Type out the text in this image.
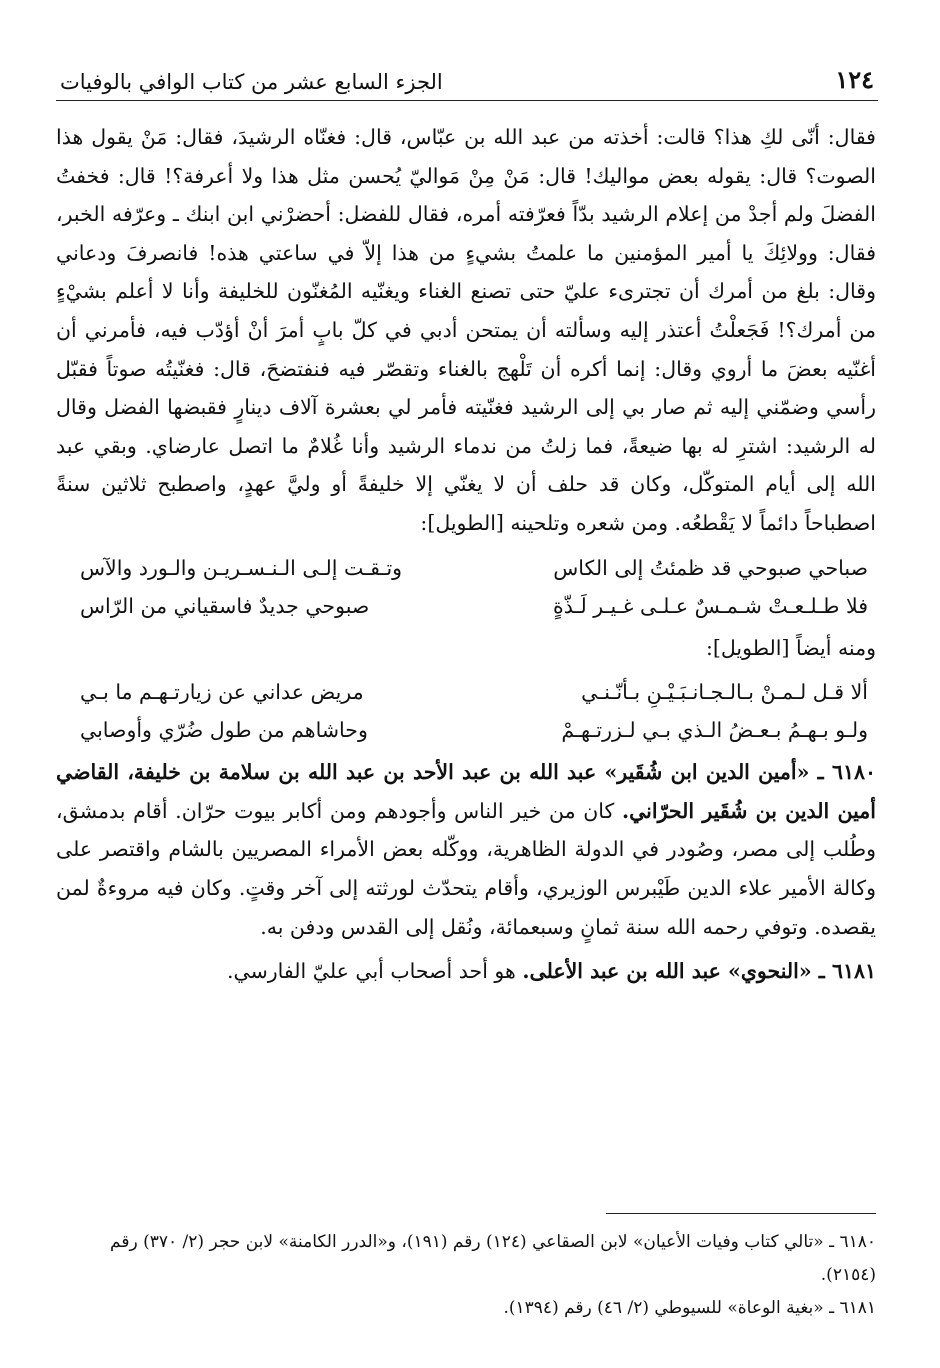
١٢٤
الجزء السابع عشر من كتاب الوافي بالوفيات

فقال: أنّى لكِ هذا؟ قالت: أخذته من عبد الله بن عبّاس، قال: فغنّاه الرشيدَ، فقال: مَنْ يقول هذا الصوت؟ قال: يقوله بعض مواليك! قال: مَنْ مِنْ مَواليّ يُحسن مثل هذا ولا أعرفة؟! قال: فخفتُ الفضلَ ولم أجدْ من إعلام الرشيد بدّاً فعرّفته أمره، فقال للفضل: أحضرْني ابن ابنك ـ وعرّفه الخبر، فقال: وولائِكَ يا أمير المؤمنين ما علمتُ بشيءٍ من هذا إلاّ في ساعتي هذه! فانصرفَ ودعاني وقال: بلغ من أمرك أن تجترىء عليّ حتى تصنع الغناء ويغنّيه المُغنّون للخليفة وأنا لا أعلم بشيْءٍ من أمرك؟! فَجَعلْتُ أعتذر إليه وسألته أن يمتحن أدبي في كلّ بابٍ أمرَ أنْ أؤدّب فيه، فأمرني أن أغنّيه بعضَ ما أروي وقال: إنما أكره أن تَلْهج بالغناء وتقصّر فيه فنفتضحَ، قال: فغنّيتُه صوتاً فقبّل رأسي وضمّني إليه ثم صار بي إلى الرشيد فغنّيته فأمر لي بعشرة آلاف دينارٍ فقبضها الفضل وقال له الرشيد: اشترِ له بها ضيعةً، فما زلتُ من ندماء الرشيد وأنا غُلامٌ ما اتصل عارضاي. وبقي عبد الله إلى أيام المتوكّل، وكان قد حلف أن لا يغنّي إلا خليفةً أو وليَّ عهدٍ، واصطبح ثلاثين سنةً اصطباحاً دائماً لا يَقْطعُه. ومن شعره وتلحينه [الطويل]:

صباحي صبوحي قد ظمئتُ إلى الكاس
وتـقـت إلـى الـنـسـريـن والـورد والآس
فلا طـلـعـتْ شـمـسٌ عـلـى غـيـر لَـذّةٍ
صبوحي جديدٌ فاسقياني من الرّاس

ومنه أيضاً [الطويل]:

ألا قـل لـمـنْ بـالـجـانـبَـيْـنِ بـأنّـنـي
مريض عداني عن زيارتـهـم ما بـي
ولـو بـهـمُ بـعـضُ الـذي بـي لـزرتـهـمْ
وحاشاهم من طول ضُرّي وأوصابي

٦١٨٠ ـ «أمين الدين ابن شُقَير» عبد الله بن عبد الأحد بن عبد الله بن سلامة بن خليفة، القاضي أمين الدين بن شُقَير الحرّاني. كان من خير الناس وأجودهم ومن أكابر بيوت حرّان. أقام بدمشق، وطُلب إلى مصر، وصُودر في الدولة الظاهرية، ووكّله بعض الأمراء المصريين بالشام واقتصر على وكالة الأمير علاء الدين طَيْبرس الوزيري، وأقام يتحدّث لورثته إلى آخر وقتٍ. وكان فيه مروءةٌ لمن يقصده. وتوفي رحمه الله سنة ثمانٍ وسبعمائة، ونُقل إلى القدس ودفن به.

٦١٨١ ـ «النحوي» عبد الله بن عبد الأعلى. هو أحد أصحاب أبي عليّ الفارسي.

٦١٨٠ ـ «تالي كتاب وفيات الأعيان» لابن الصقاعي (١٢٤) رقم (١٩١)، و«الدرر الكامنة» لابن حجر (٢/ ٣٧٠) رقم (٢١٥٤).

٦١٨١ ـ «بغية الوعاة» للسيوطي (٢/ ٤٦) رقم (١٣٩٤).
